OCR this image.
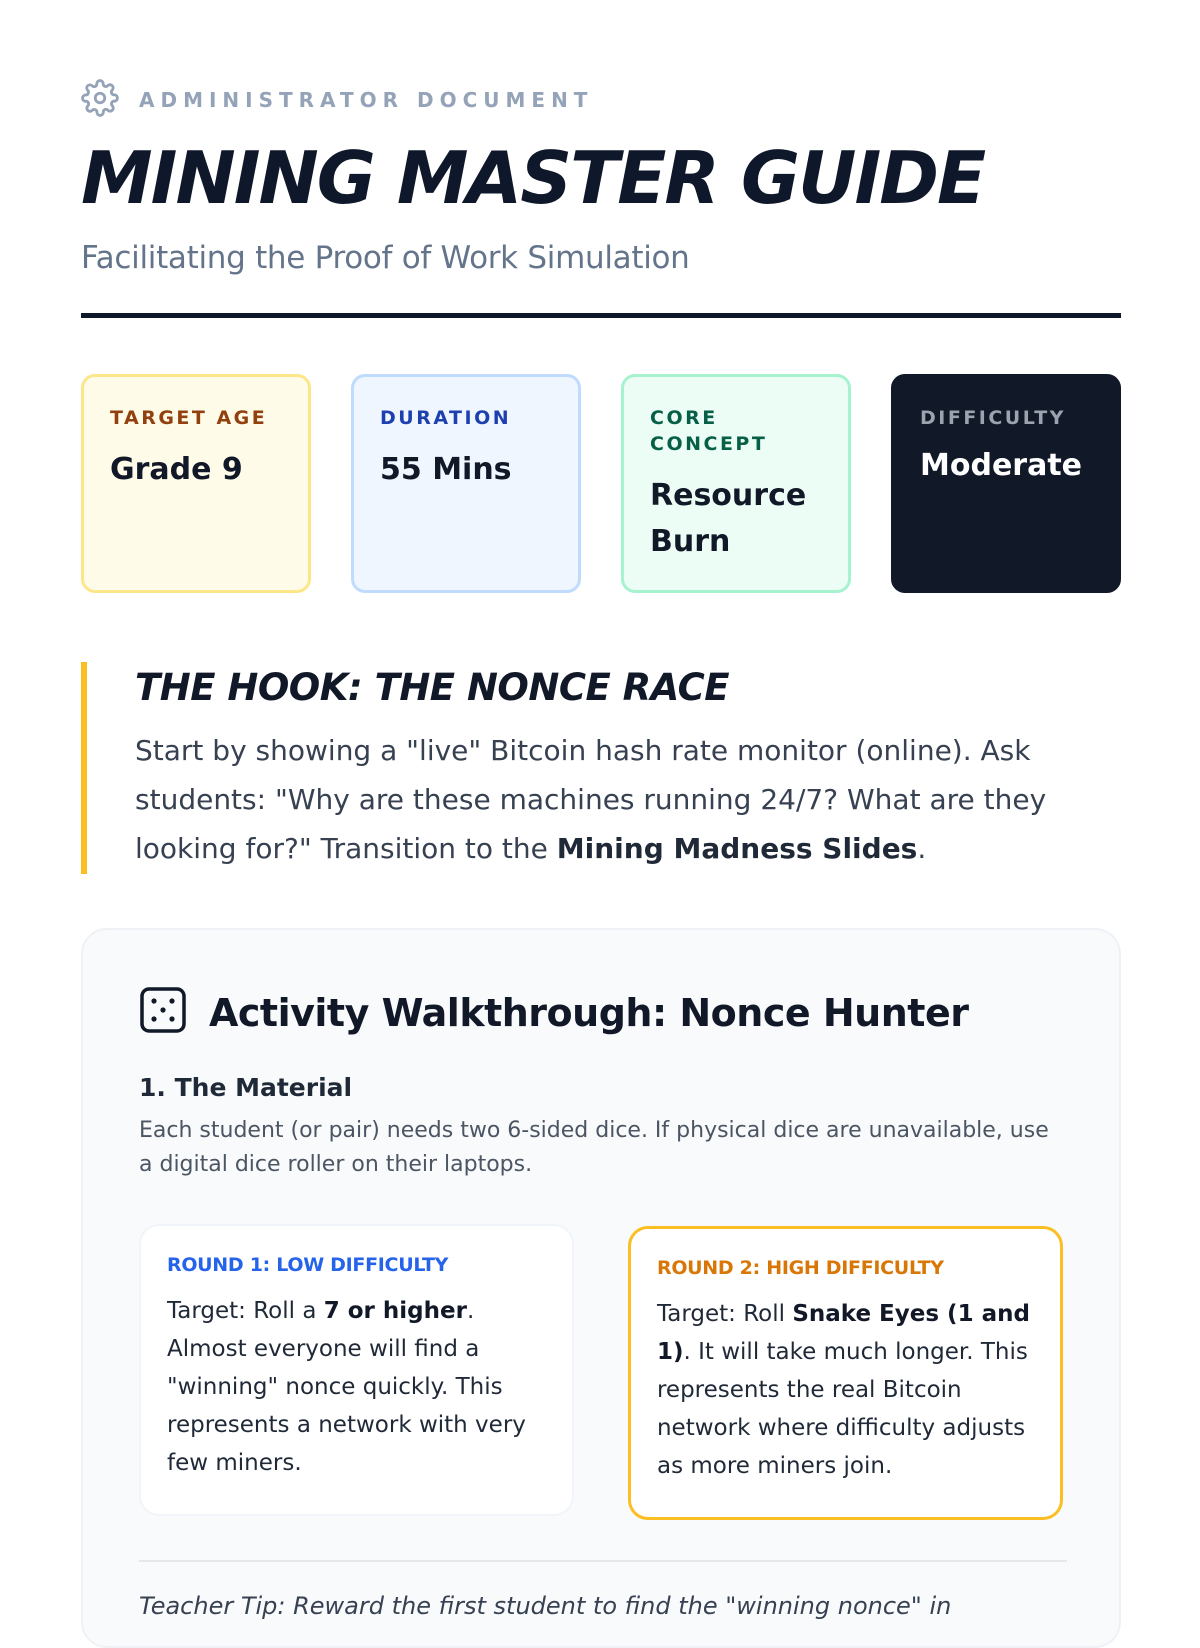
ADMINISTRATOR DOCUMENT
MINING MASTER GUIDE
Facilitating the Proof of Work Simulation
TARGET AGE
Grade 9
DURATION
55 Mins
CORE CONCEPT
Resource Burn
DIFFICULTY
Moderate
THE HOOK: THE NONCE RACE

Start by showing a "live" Bitcoin hash rate monitor (online). Ask students: "Why are these machines running 24/7? What are they looking for?" Transition to the Mining Madness Slides.

Activity Walkthrough: Nonce Hunter
1. The Material

Each student (or pair) needs two 6-sided dice. If physical dice are unavailable, use a digital dice roller on their laptops.

ROUND 1: LOW DIFFICULTY

Target: Roll a 7 or higher. Almost everyone will find a "winning" nonce quickly. This represents a network with very few miners.

ROUND 2: HIGH DIFFICULTY

Target: Roll Snake Eyes (1 and 1). It will take much longer. This represents the real Bitcoin network where difficulty adjusts as more miners join.

Teacher Tip: Reward the first student to find the "winning nonce" in
